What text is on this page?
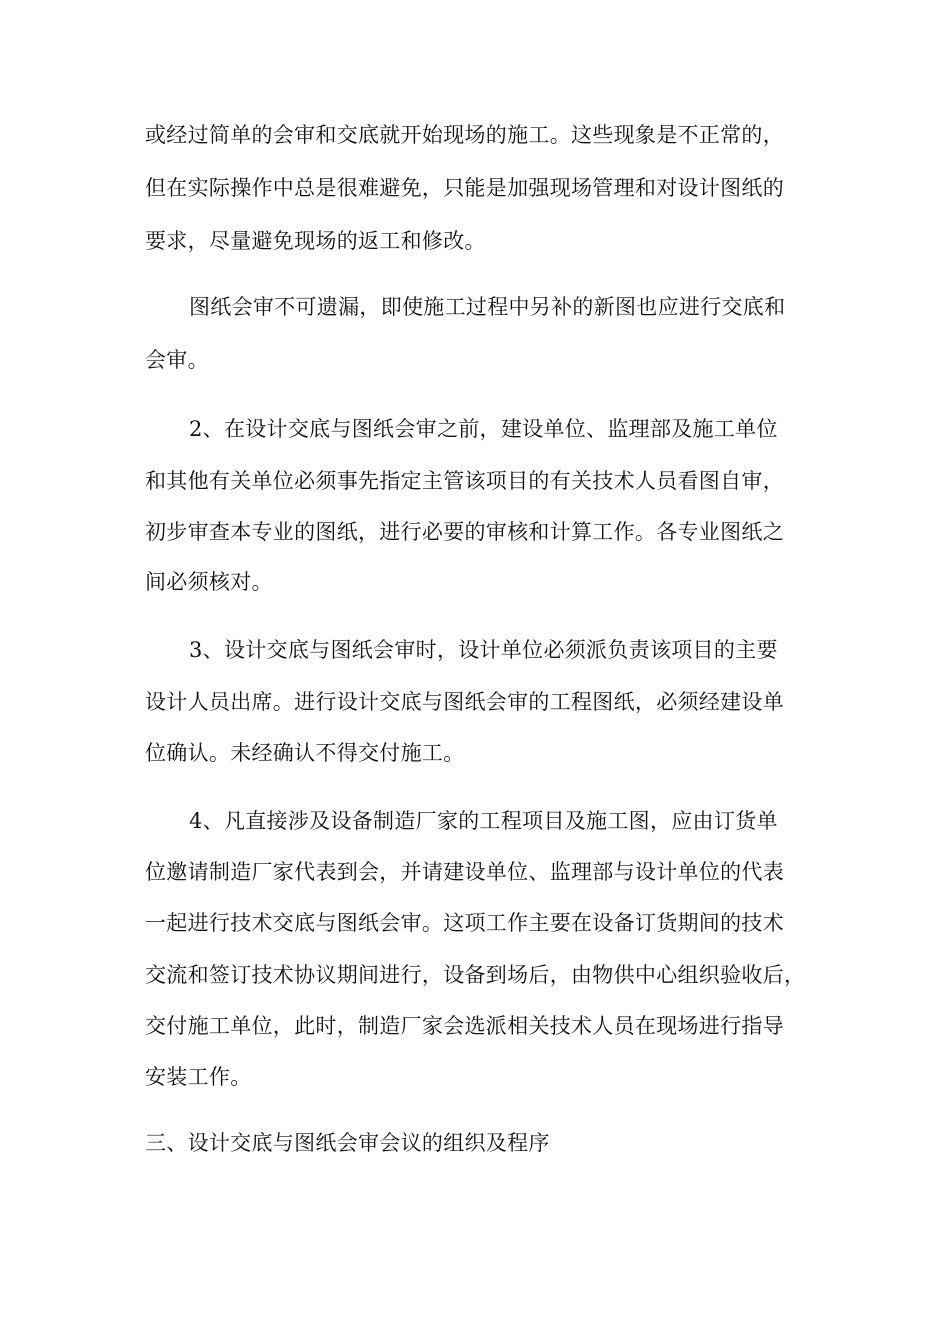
或经过简单的会审和交底就开始现场的施工。这些现象是不正常的，
但在实际操作中总是很难避免，只能是加强现场管理和对设计图纸的
要求，尽量避免现场的返工和修改。
图纸会审不可遗漏，即使施工过程中另补的新图也应进行交底和
会审。
2、在设计交底与图纸会审之前，建设单位、监理部及施工单位
和其他有关单位必须事先指定主管该项目的有关技术人员看图自审，
初步审查本专业的图纸，进行必要的审核和计算工作。各专业图纸之
间必须核对。
3、设计交底与图纸会审时，设计单位必须派负责该项目的主要
设计人员出席。进行设计交底与图纸会审的工程图纸，必须经建设单
位确认。未经确认不得交付施工。
4、凡直接涉及设备制造厂家的工程项目及施工图，应由订货单
位邀请制造厂家代表到会，并请建设单位、监理部与设计单位的代表
一起进行技术交底与图纸会审。这项工作主要在设备订货期间的技术
交流和签订技术协议期间进行，设备到场后，由物供中心组织验收后，
交付施工单位，此时，制造厂家会选派相关技术人员在现场进行指导
安装工作。
三、设计交底与图纸会审会议的组织及程序
